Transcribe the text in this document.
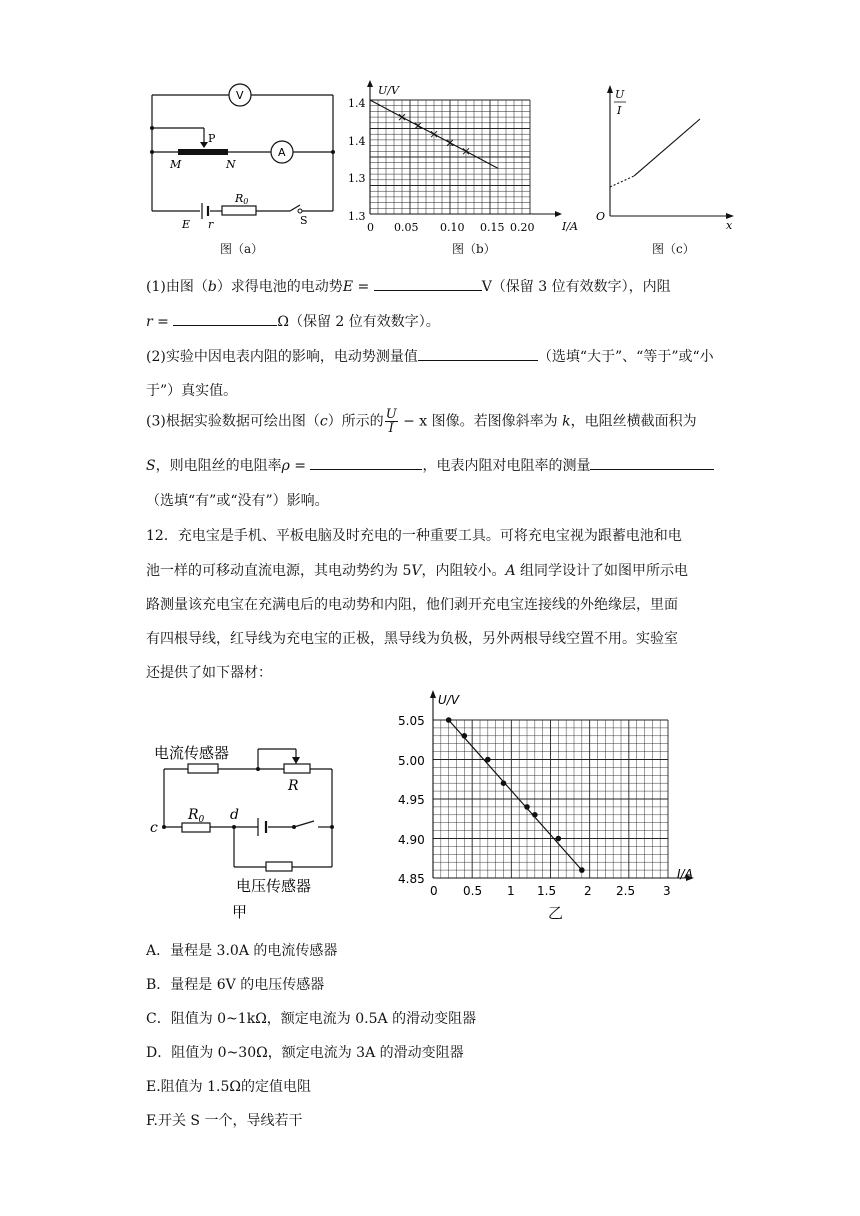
V
A
P
M	N
E r
R0
S
图（a）
U/V
I/A
0
1.4
1.4
1.3
1.3
0.05 0.10 0.15 0.20
图（b）
U
I
O
x
图（c）
(1)由图（b）求得电池的电动势E =	V（保留 3 位有效数字），内阻
r =	Ω（保留 2 位有效数字）。
(2)实验中因电表内阻的影响，电动势测量值	（选填“大于”、“等于”或“小
于”）真实值。
(3)根据实验数据可绘出图（c）所示的 $\frac{U}{I} - x$ 图像。若图像斜率为 k，电阻丝横截面积为
S，则电阻丝的电阻率ρ =	，电表内阻对电阻率的测量
（选填“有”或“没有”）影响。
12．充电宝是手机、平板电脑及时充电的一种重要工具。可将充电宝视为跟蓄电池和电
池一样的可移动直流电源，其电动势约为 5V，内阻较小。A 组同学设计了如图甲所示电
路测量该充电宝在充满电后的电动势和内阻，他们剥开充电宝连接线的外绝缘层，里面
有四根导线，红导线为充电宝的正极，黑导线为负极，另外两根导线空置不用。实验室
还提供了如下器材：
电流传感器
R
$R_0$ d
c
电压传感器
甲
U/V
I/A
5.05
5.00
4.95
4.90
4.85
0 0.5 1 1.5 2 2.5 3
乙
A．量程是 3.0A 的电流传感器
B．量程是 6V 的电压传感器
C．阻值为 0~1kΩ，额定电流为 0.5A 的滑动变阻器
D．阻值为 0~30Ω，额定电流为 3A 的滑动变阻器
E.阻值为 1.5Ω的定值电阻
F.开关 S 一个，导线若干
